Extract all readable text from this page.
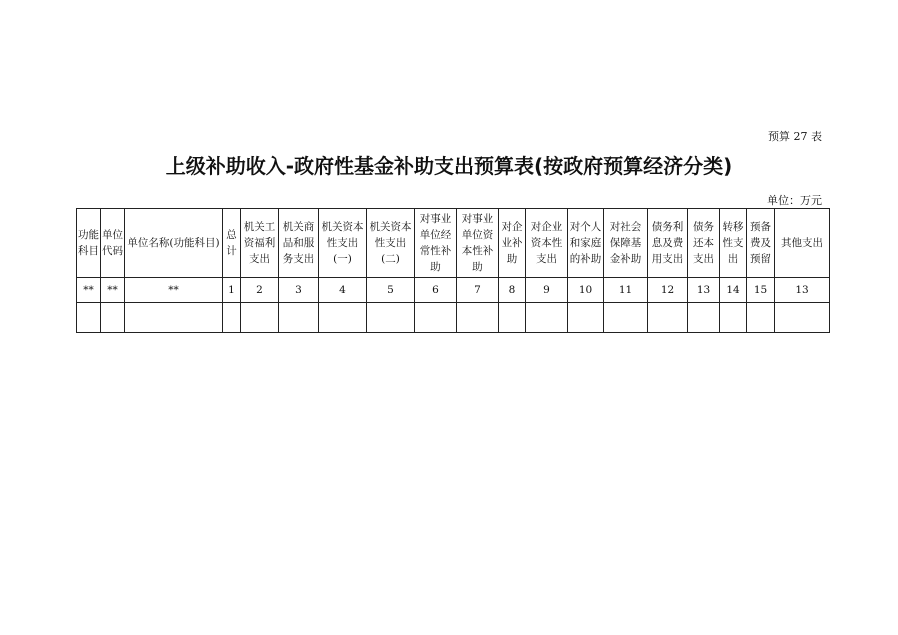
预算 27 表
上级补助收入-政府性基金补助支出预算表(按政府预算经济分类)
单位：万元
功能科目	单位代码	单位名称(功能科目)	总计	机关工资福利支出	机关商品和服务支出	机关资本性支出(一)	机关资本性支出(二)	对事业单位经常性补助	对事业单位资本性补助	对企业补助	对企业资本性支出	对个人和家庭的补助	对社会保障基金补助	债务利息及费用支出	债务还本支出	转移性支出	预备费及预留	其他支出
**	**	**	1	2	3	4	5	6	7	8	9	10	11	12	13	14	15	13
